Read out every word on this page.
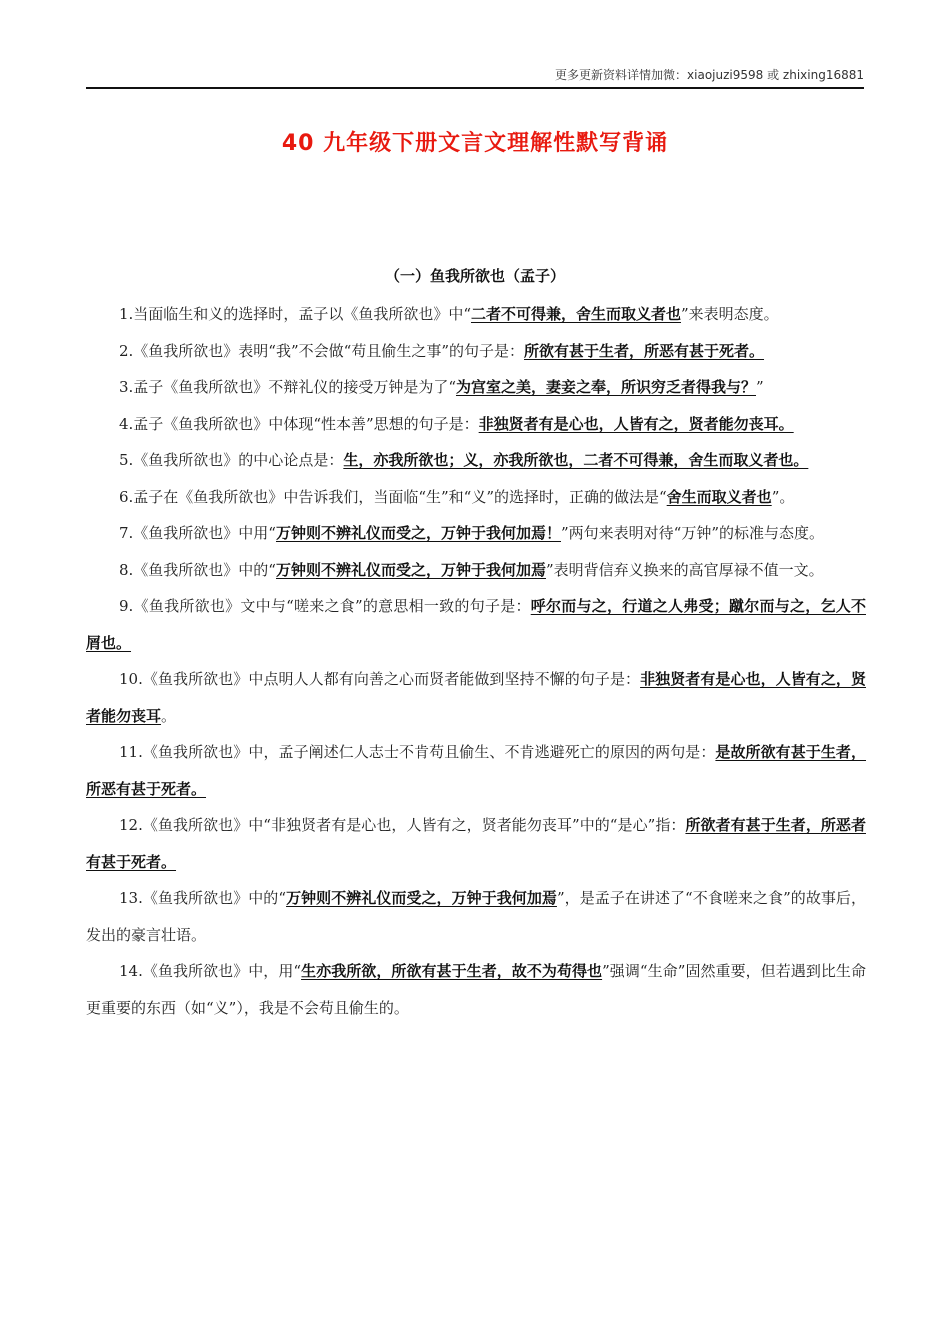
更多更新资料详情加微：xiaojuzi9598 或 zhixing16881
40 九年级下册文言文理解性默写背诵
（一）鱼我所欲也（孟子）

1.当面临生和义的选择时，孟子以《鱼我所欲也》中“二者不可得兼，舍生而取义者也”来表明态度。

2.《鱼我所欲也》表明“我”不会做“苟且偷生之事”的句子是：所欲有甚于生者，所恶有甚于死者。

3.孟子《鱼我所欲也》不辩礼仪的接受万钟是为了“为宫室之美，妻妾之奉，所识穷乏者得我与？”

4.孟子《鱼我所欲也》中体现“性本善”思想的句子是：非独贤者有是心也，人皆有之，贤者能勿丧耳。

5.《鱼我所欲也》的中心论点是：生，亦我所欲也；义，亦我所欲也，二者不可得兼，舍生而取义者也。

6.孟子在《鱼我所欲也》中告诉我们，当面临“生”和“义”的选择时，正确的做法是“舍生而取义者也”。

7.《鱼我所欲也》中用“万钟则不辨礼仪而受之，万钟于我何加焉！”两句来表明对待“万钟”的标准与态度。

8.《鱼我所欲也》中的“万钟则不辨礼仪而受之，万钟于我何加焉”表明背信弃义换来的高官厚禄不值一文。

9.《鱼我所欲也》文中与“嗟来之食”的意思相一致的句子是：呼尔而与之，行道之人弗受；蹴尔而与之，乞人不屑也。

10.《鱼我所欲也》中点明人人都有向善之心而贤者能做到坚持不懈的句子是：非独贤者有是心也，人皆有之，贤者能勿丧耳。

11.《鱼我所欲也》中，孟子阐述仁人志士不肯苟且偷生、不肯逃避死亡的原因的两句是：是故所欲有甚于生者，所恶有甚于死者。

12.《鱼我所欲也》中“非独贤者有是心也，人皆有之，贤者能勿丧耳”中的“是心”指：所欲者有甚于生者，所恶者有甚于死者。

13.《鱼我所欲也》中的“万钟则不辨礼仪而受之，万钟于我何加焉”，是孟子在讲述了“不食嗟来之食”的故事后，发出的豪言壮语。

14.《鱼我所欲也》中，用“生亦我所欲，所欲有甚于生者，故不为苟得也”强调“生命”固然重要，但若遇到比生命更重要的东西（如“义”），我是不会苟且偷生的。
